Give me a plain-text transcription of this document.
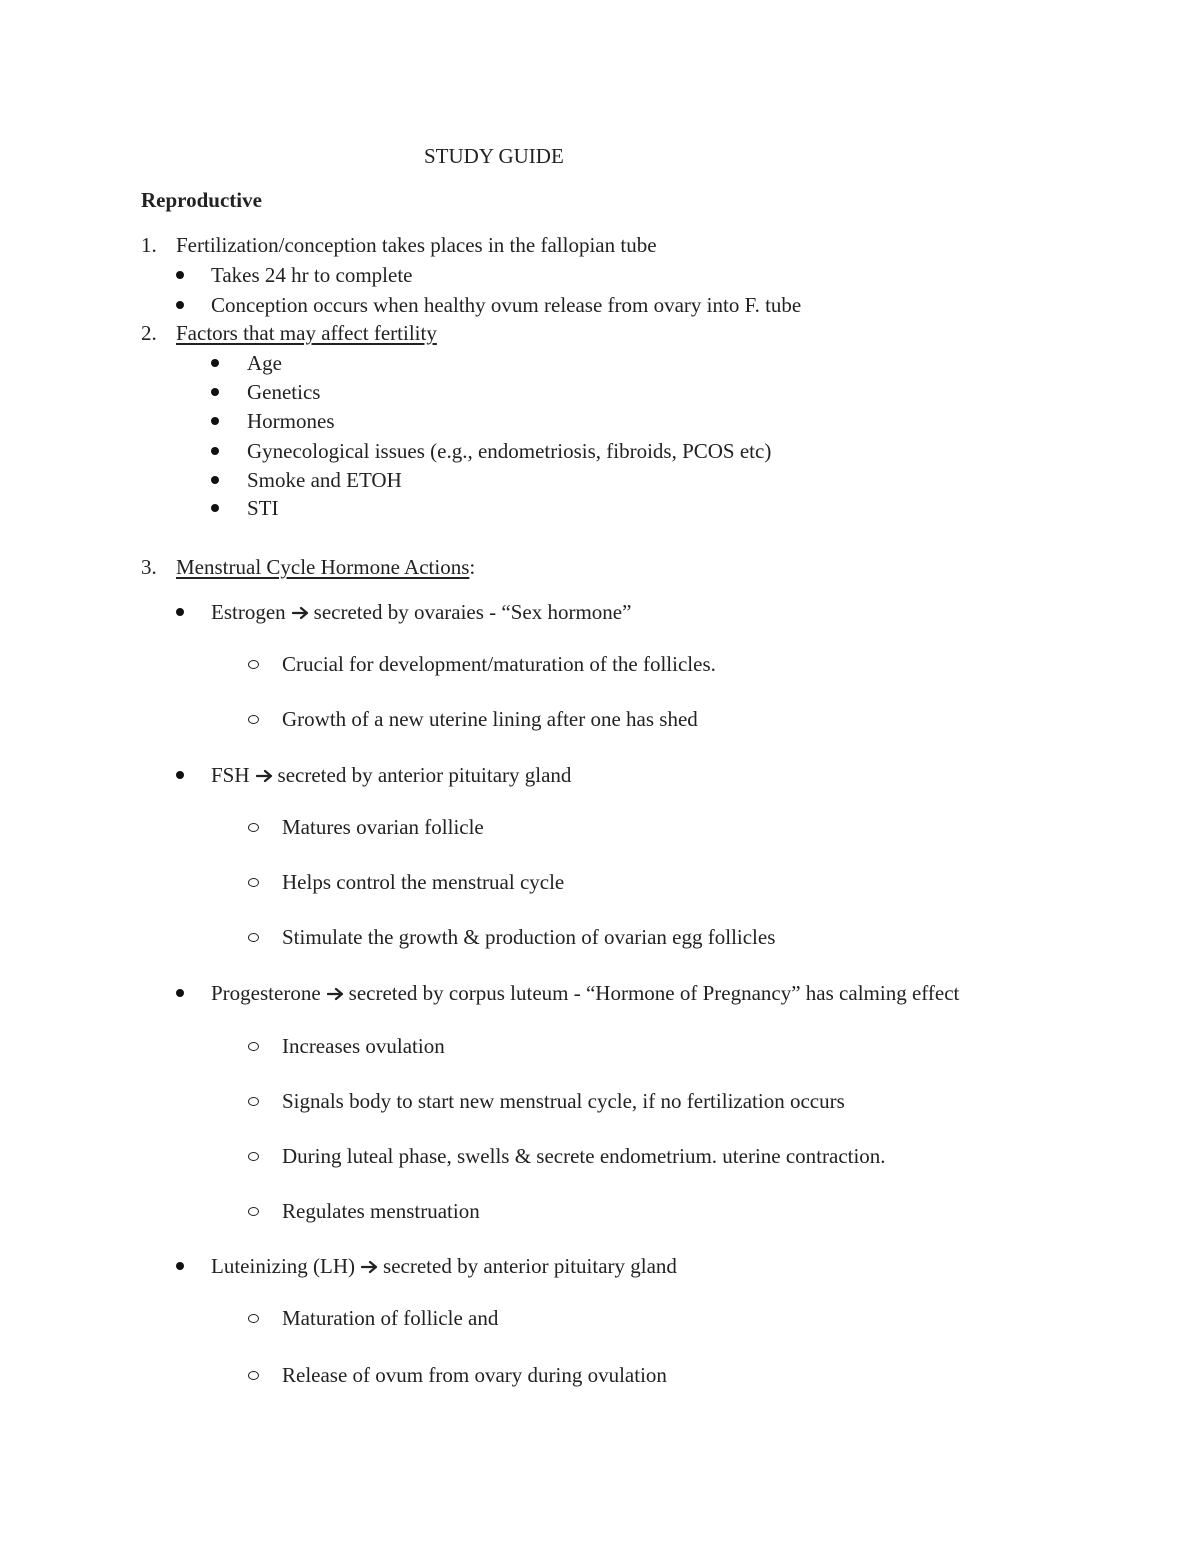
STUDY GUIDE
Reproductive
1. Fertilization/conception takes places in the fallopian tube
Takes 24 hr to complete
Conception occurs when healthy ovum release from ovary into F. tube
2. Factors that may affect fertility
Age
Genetics
Hormones
Gynecological issues (e.g., endometriosis, fibroids, PCOS etc)
Smoke and ETOH
STI
3. Menstrual Cycle Hormone Actions:
Estrogen secreted by ovaraies - “Sex hormone”
Crucial for development/maturation of the follicles.
Growth of a new uterine lining after one has shed
FSH secreted by anterior pituitary gland
Matures ovarian follicle
Helps control the menstrual cycle
Stimulate the growth & production of ovarian egg follicles
Progesterone secreted by corpus luteum - “Hormone of Pregnancy” has calming effect
Increases ovulation
Signals body to start new menstrual cycle, if no fertilization occurs
During luteal phase, swells & secrete endometrium. uterine contraction.
Regulates menstruation
Luteinizing (LH) secreted by anterior pituitary gland
Maturation of follicle and
Release of ovum from ovary during ovulation
